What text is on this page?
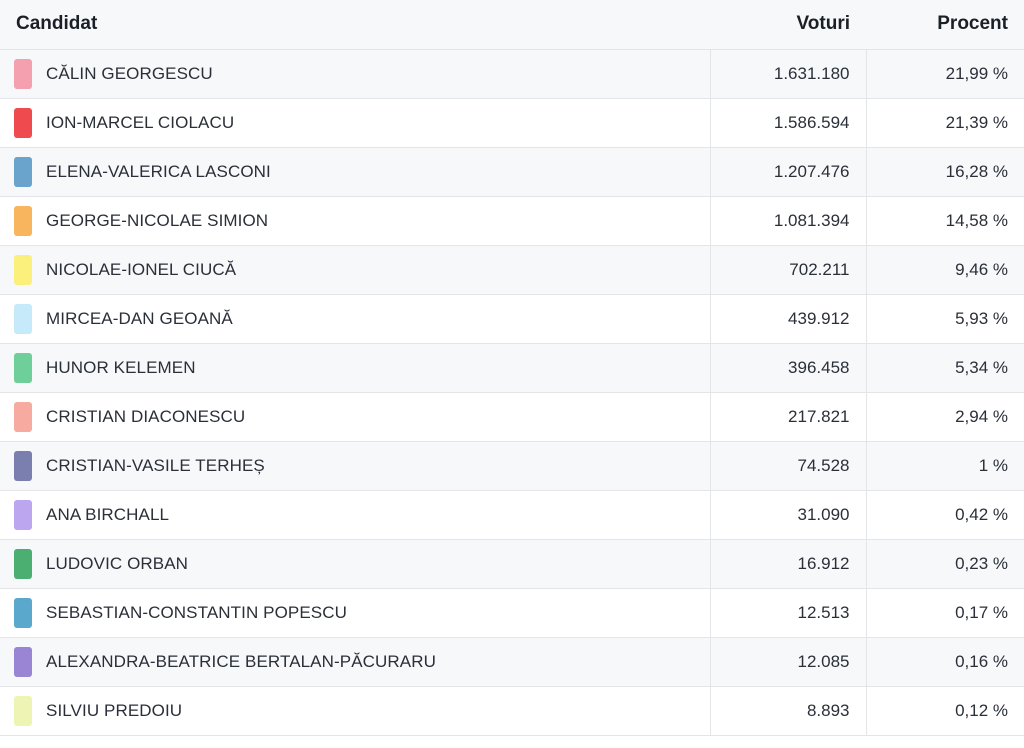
Candidat	Voturi	Procent

CĂLIN GEORGESCU	1.631.180	21,99 %

ION-MARCEL CIOLACU	1.586.594	21,39 %

ELENA-VALERICA LASCONI	1.207.476	16,28 %

GEORGE-NICOLAE SIMION	1.081.394	14,58 %

NICOLAE-IONEL CIUCĂ	702.211	9,46 %

MIRCEA-DAN GEOANĂ	439.912	5,93 %

HUNOR KELEMEN	396.458	5,34 %

CRISTIAN DIACONESCU	217.821	2,94 %

CRISTIAN-VASILE TERHEȘ	74.528	1 %

ANA BIRCHALL	31.090	0,42 %

LUDOVIC ORBAN	16.912	0,23 %

SEBASTIAN-CONSTANTIN POPESCU	12.513	0,17 %

ALEXANDRA-BEATRICE BERTALAN-PĂCURARU	12.085	0,16 %

SILVIU PREDOIU	8.893	0,12 %
